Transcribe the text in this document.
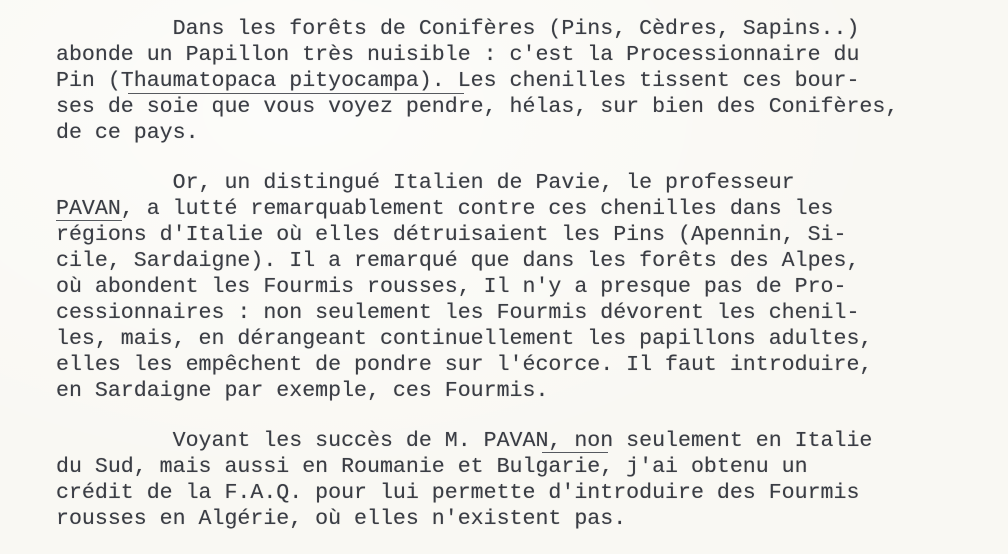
Dans les forêts de Conifères (Pins, Cèdres, Sapins..)
abonde un Papillon très nuisible : c'est la Processionnaire du
Pin (Thaumatopaca pityocampa). Les chenilles tissent ces bour-
ses de soie que vous voyez pendre, hélas, sur bien des Conifères,
de ce pays.
Or, un distingué Italien de Pavie, le professeur
PAVAN, a lutté remarquablement contre ces chenilles dans les
régions d'Italie où elles détruisaient les Pins (Apennin, Si-
cile, Sardaigne). Il a remarqué que dans les forêts des Alpes,
où abondent les Fourmis rousses, Il n'y a presque pas de Pro-
cessionnaires : non seulement les Fourmis dévorent les chenil-
les, mais, en dérangeant continuellement les papillons adultes,
elles les empêchent de pondre sur l'écorce. Il faut introduire,
en Sardaigne par exemple, ces Fourmis.
Voyant les succès de M. PAVAN, non seulement en Italie
du Sud, mais aussi en Roumanie et Bulgarie, j'ai obtenu un
crédit de la F.A.Q. pour lui permette d'introduire des Fourmis
rousses en Algérie, où elles n'existent pas.
